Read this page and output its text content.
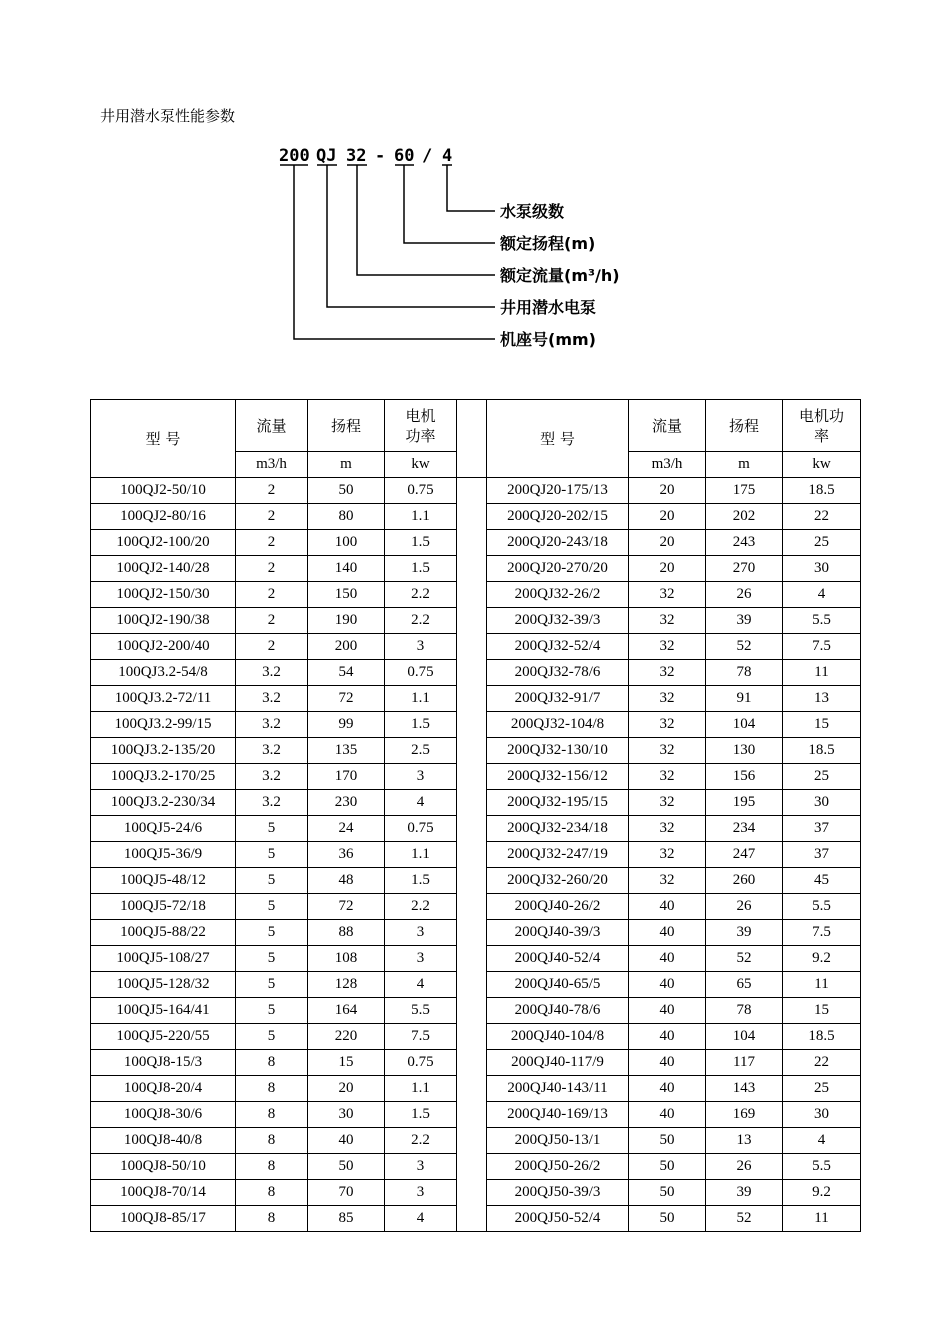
井用潜水泵性能参数
200 QJ 32 - 60 / 4
水泵级数
额定扬程(m)
额定流量(m³/h)
井用潜水电泵
机座号(mm)
型 号	流量	扬程	电机功率		型 号	流量	扬程	电机功率
	m3/h	m	kw			m3/h	m	kw
100QJ2-50/10	2	50	0.75		200QJ20-175/13	20	175	18.5
100QJ2-80/16	2	80	1.1		200QJ20-202/15	20	202	22
100QJ2-100/20	2	100	1.5		200QJ20-243/18	20	243	25
100QJ2-140/28	2	140	1.5		200QJ20-270/20	20	270	30
100QJ2-150/30	2	150	2.2		200QJ32-26/2	32	26	4
100QJ2-190/38	2	190	2.2		200QJ32-39/3	32	39	5.5
100QJ2-200/40	2	200	3		200QJ32-52/4	32	52	7.5
100QJ3.2-54/8	3.2	54	0.75		200QJ32-78/6	32	78	11
100QJ3.2-72/11	3.2	72	1.1		200QJ32-91/7	32	91	13
100QJ3.2-99/15	3.2	99	1.5		200QJ32-104/8	32	104	15
100QJ3.2-135/20	3.2	135	2.5		200QJ32-130/10	32	130	18.5
100QJ3.2-170/25	3.2	170	3		200QJ32-156/12	32	156	25
100QJ3.2-230/34	3.2	230	4		200QJ32-195/15	32	195	30
100QJ5-24/6	5	24	0.75		200QJ32-234/18	32	234	37
100QJ5-36/9	5	36	1.1		200QJ32-247/19	32	247	37
100QJ5-48/12	5	48	1.5		200QJ32-260/20	32	260	45
100QJ5-72/18	5	72	2.2		200QJ40-26/2	40	26	5.5
100QJ5-88/22	5	88	3		200QJ40-39/3	40	39	7.5
100QJ5-108/27	5	108	3		200QJ40-52/4	40	52	9.2
100QJ5-128/32	5	128	4		200QJ40-65/5	40	65	11
100QJ5-164/41	5	164	5.5		200QJ40-78/6	40	78	15
100QJ5-220/55	5	220	7.5		200QJ40-104/8	40	104	18.5
100QJ8-15/3	8	15	0.75		200QJ40-117/9	40	117	22
100QJ8-20/4	8	20	1.1		200QJ40-143/11	40	143	25
100QJ8-30/6	8	30	1.5		200QJ40-169/13	40	169	30
100QJ8-40/8	8	40	2.2		200QJ50-13/1	50	13	4
100QJ8-50/10	8	50	3		200QJ50-26/2	50	26	5.5
100QJ8-70/14	8	70	3		200QJ50-39/3	50	39	9.2
100QJ8-85/17	8	85	4		200QJ50-52/4	50	52	11
